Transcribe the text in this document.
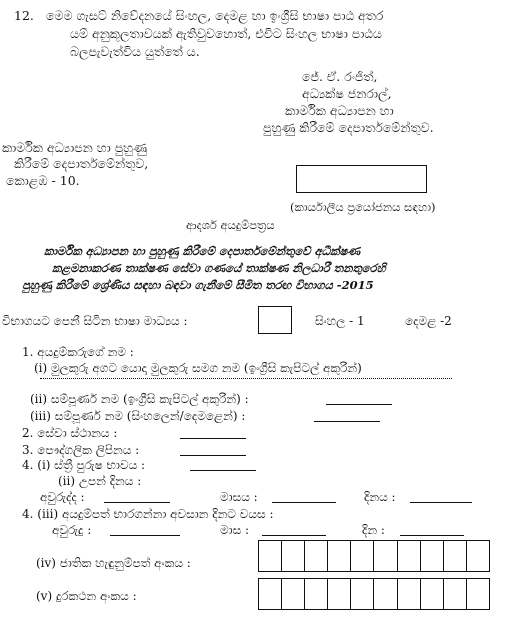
12. මෙම ගැසට් නිවේදනයේ සිංහල, දෙමළ හා ඉංග්‍රීසි භාෂා පාඨ අතර
යම් අනුකූලතාවයක් ඇතිවුවහොත්, එවිට සිංහල භාෂා පාඨය
බලපැවැත්විය යුත්තේ ය.
ජේ. ඒ. රංජිත්,
අධ්‍යක්ෂ ජනරාල්,
කාර්මික අධ්‍යාපන හා
පුහුණු කිරීමේ දෙපාර්තමේන්තුව.
කාර්මික අධ්‍යාපන හා පුහුණු
කිරීමේ දෙපාර්තමේන්තුව,
කොළඹ - 10.
(කාර්යාලීය ප්‍රයෝජනය සඳහා)
ආදර්ශ අයදුම්පත්‍රය
කාර්මික අධ්‍යාපන හා පුහුණු කිරීමේ දෙපාර්තමේන්තුවේ අධීක්ෂණ
කළමනාකරණ තාක්ෂණ සේවා ගණයේ තාක්ෂණ නිලධාරී තනතුරෙහි
පුහුණු කිරීමේ ශ්‍රේණිය සඳහා බඳවා ගැනීමේ සීමිත තරඟ විභාගය -2015
විභාගයට පෙනී සිටින භාෂා මාධ්‍යය :	සිංහල - 1	දෙමළ -2
1. අයදුම්කරුගේ නම :
(i) මුලකුරු අගට යොදා මුලකුරු සමග නම (ඉංග්‍රීසි කැපිටල් අකුරින්)
(ii) සම්පූර්ණ නම (ඉංග්‍රීසි කැපිටල් අකුරින්) :
(iii) සම්පූර්ණ නම (සිංහලෙන්/දෙමළෙන්) :
2. සේවා ස්ථානය :
3. පෞද්ගලික ලිපිනය :
4. (i) ස්ත්‍රී පුරුෂ භාවය :
(ii) උපන් දිනය :
අවුරුද්ද :	මාසය :	දිනය :
4. (iii) අයදුම්පත් භාරගන්නා අවසාන දිනට වයස :
අවුරුදු :	මාස :	දින :
(iv) ජාතික හැඳුනුම්පත් අංකය :
(v) දුරකථන අංකය :
